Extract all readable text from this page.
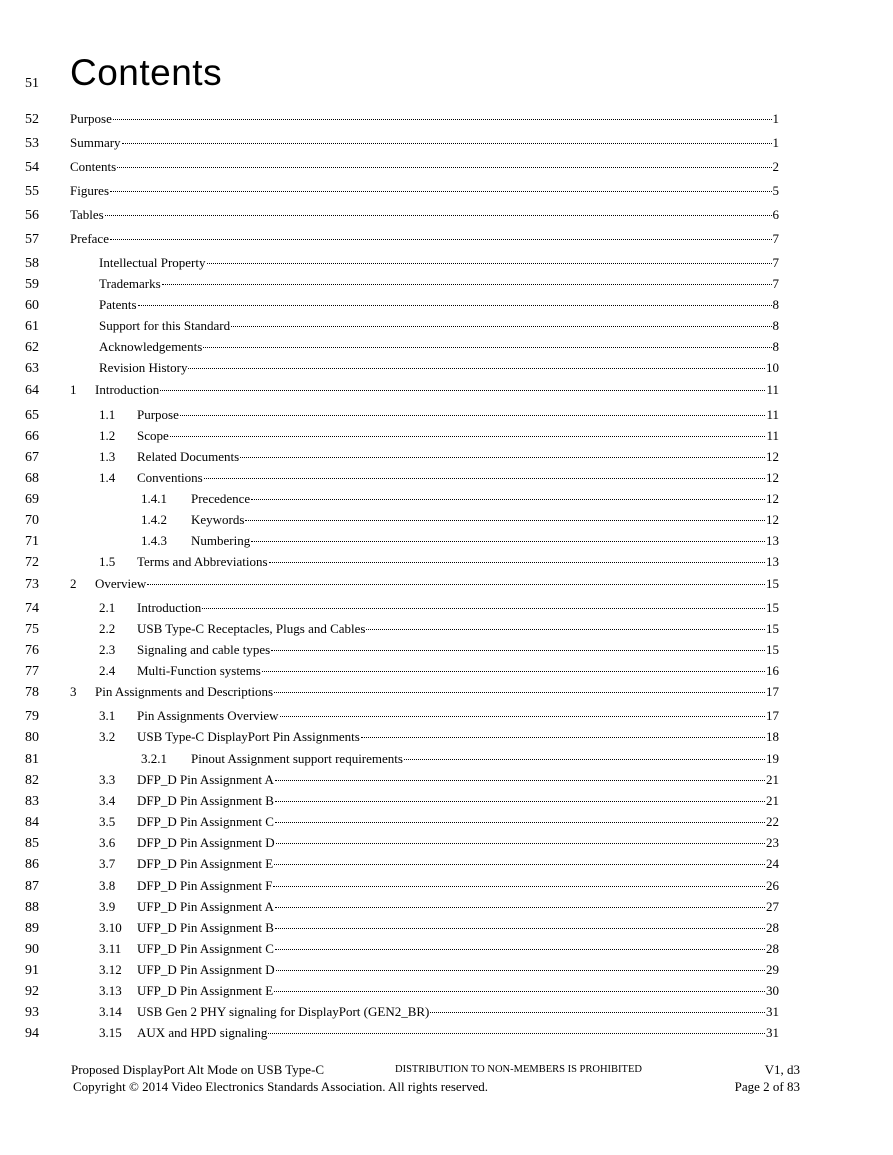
51 Contents
52 Purpose	1
53 Summary	1
54 Contents	2
55 Figures	5
56 Tables	6
57 Preface	7
58	Intellectual Property	7
59	Trademarks	7
60	Patents	8
61	Support for this Standard	8
62	Acknowledgements	8
63	Revision History	10
64 1	Introduction	11
65	1.1	Purpose	11
66	1.2	Scope	11
67	1.3	Related Documents	12
68	1.4	Conventions	12
69	1.4.1	Precedence	12
70	1.4.2	Keywords	12
71	1.4.3	Numbering	13
72	1.5	Terms and Abbreviations	13
73 2	Overview	15
74	2.1	Introduction	15
75	2.2	USB Type-C Receptacles, Plugs and Cables	15
76	2.3	Signaling and cable types	15
77	2.4	Multi-Function systems	16
78 3	Pin Assignments and Descriptions	17
79	3.1	Pin Assignments Overview	17
80	3.2	USB Type-C DisplayPort Pin Assignments	18
81	3.2.1	Pinout Assignment support requirements	19
82	3.3	DFP_D Pin Assignment A	21
83	3.4	DFP_D Pin Assignment B	21
84	3.5	DFP_D Pin Assignment C	22
85	3.6	DFP_D Pin Assignment D	23
86	3.7	DFP_D Pin Assignment E	24
87	3.8	DFP_D Pin Assignment F	26
88	3.9	UFP_D Pin Assignment A	27
89	3.10	UFP_D Pin Assignment B	28
90	3.11	UFP_D Pin Assignment C	28
91	3.12	UFP_D Pin Assignment D	29
92	3.13	UFP_D Pin Assignment E	30
93	3.14	USB Gen 2 PHY signaling for DisplayPort (GEN2_BR)	31
94	3.15	AUX and HPD signaling	31
Proposed DisplayPort Alt Mode on USB Type-C	DISTRIBUTION TO NON-MEMBERS IS PROHIBITED	V1, d3
Copyright © 2014 Video Electronics Standards Association. All rights reserved.	Page 2 of 83
